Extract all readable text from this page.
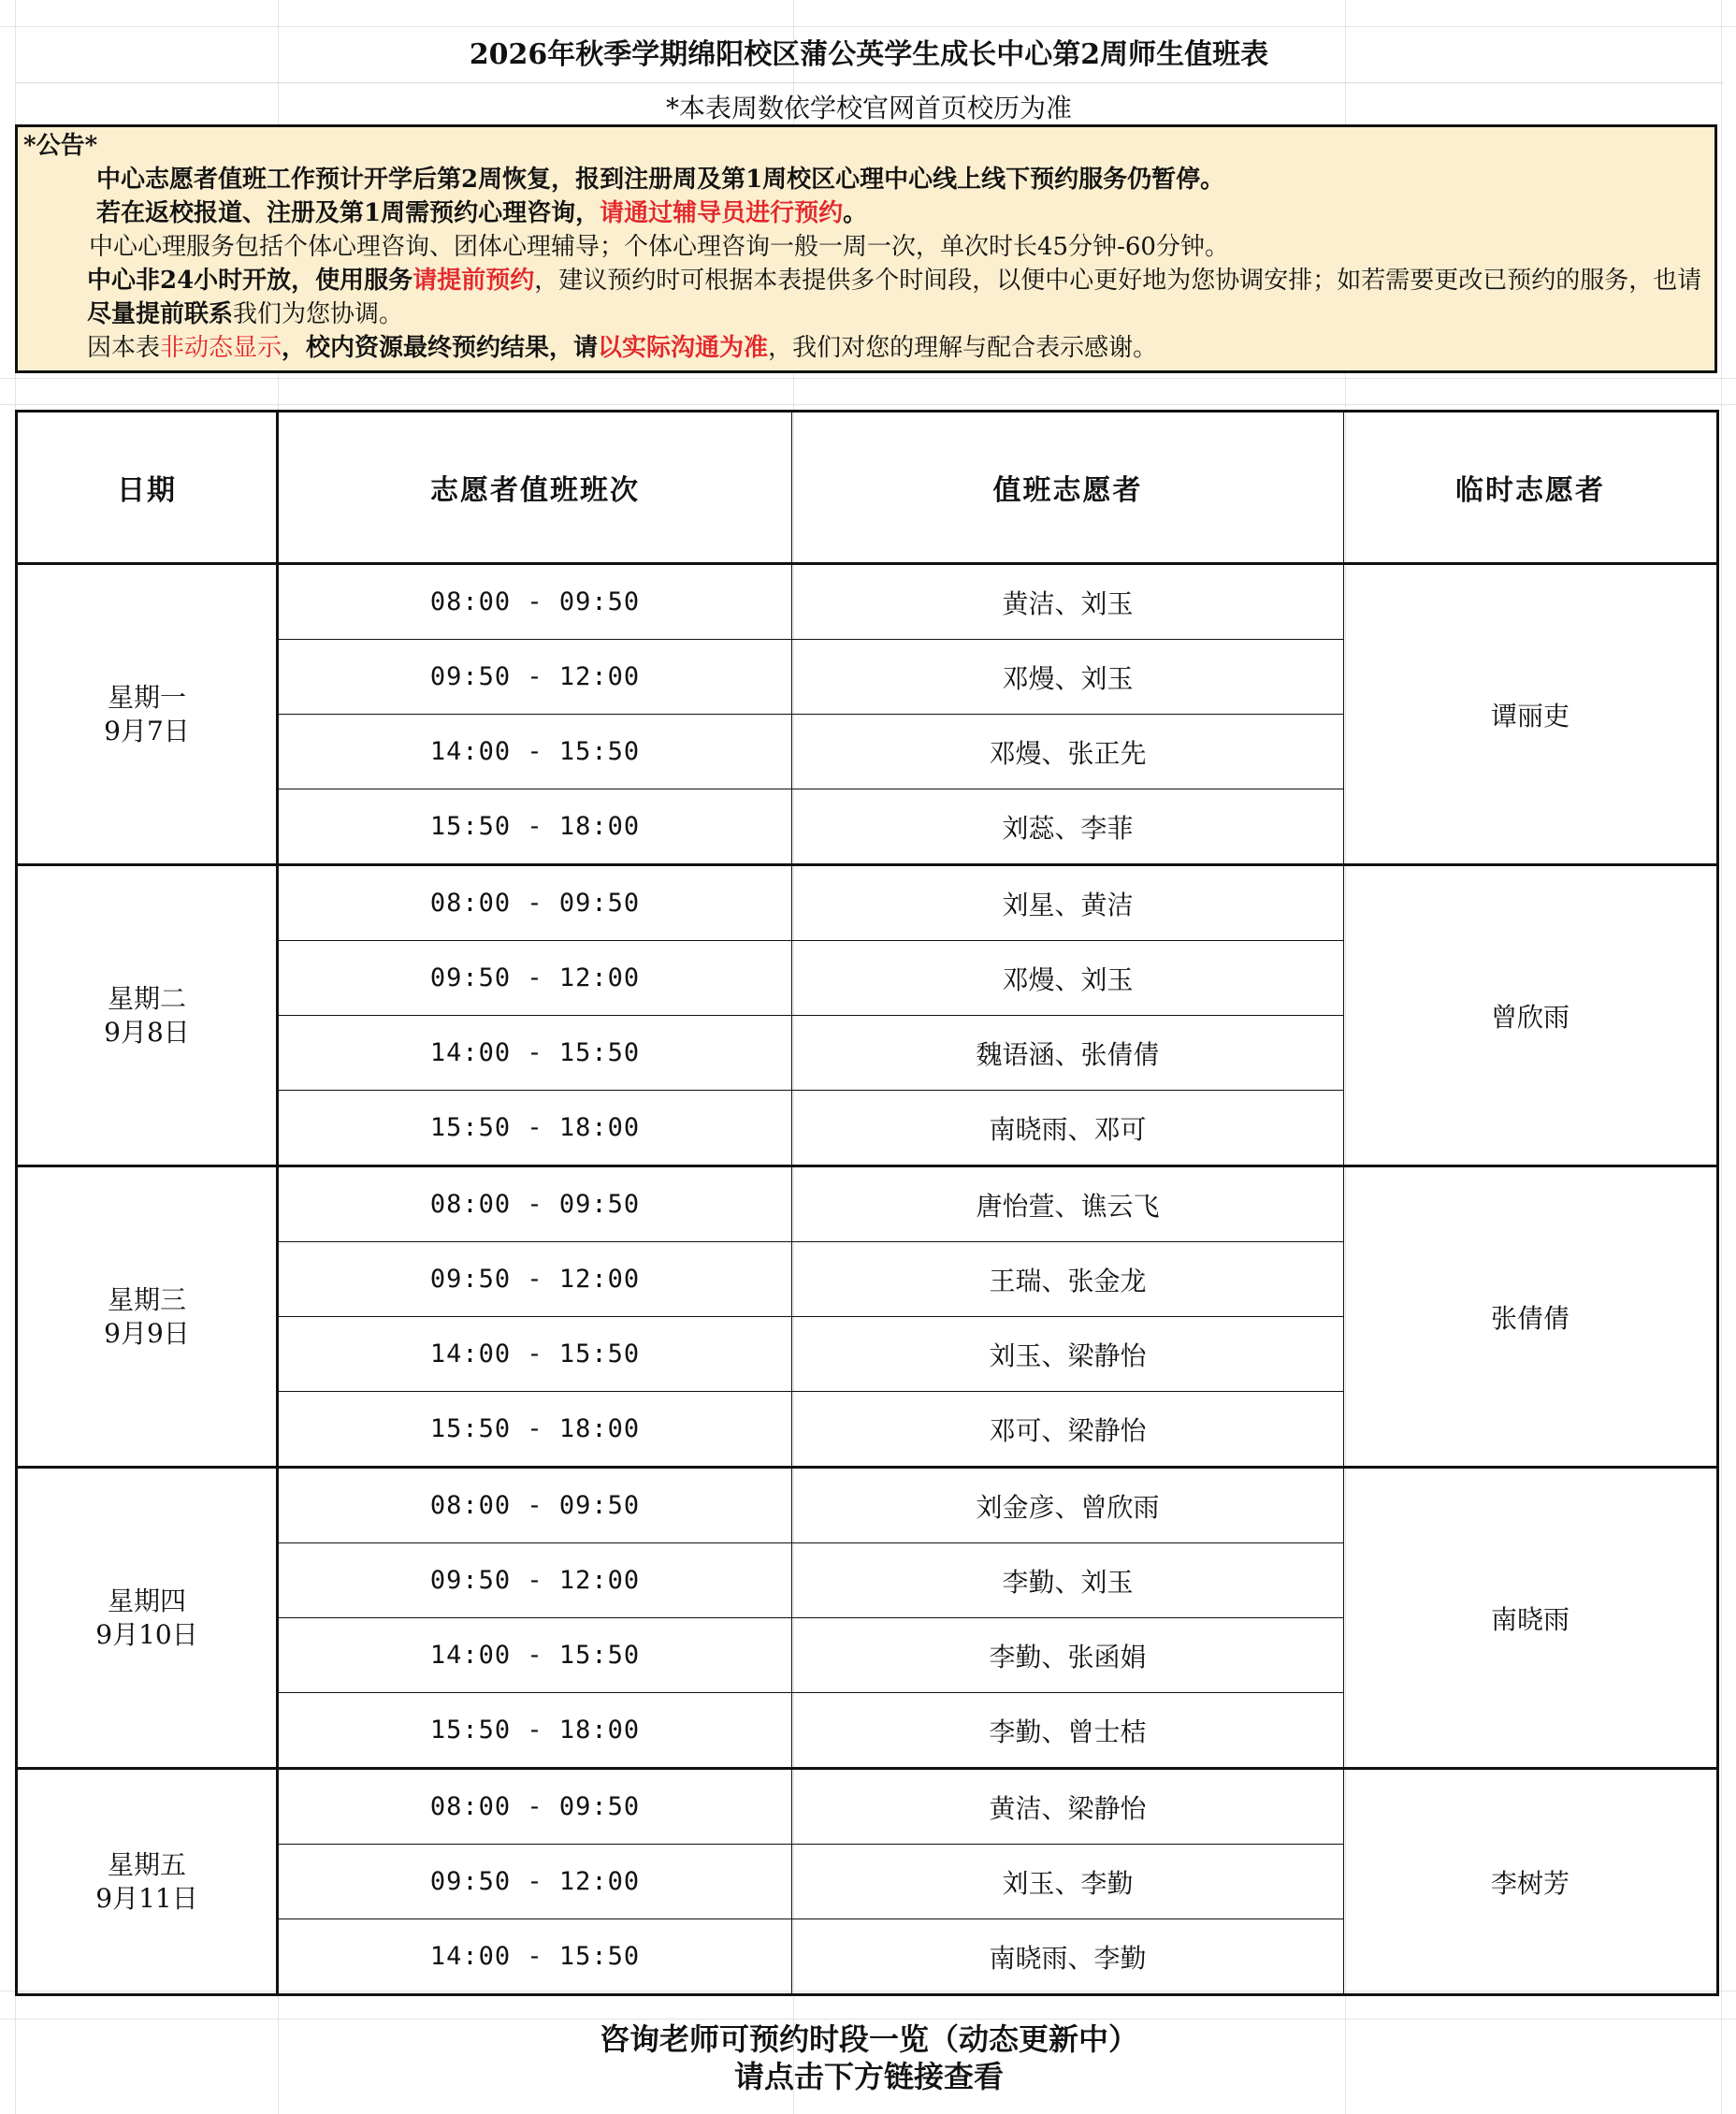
2026年秋季学期绵阳校区蒲公英学生成长中心第2周师生值班表
*本表周数依学校官网首页校历为准

*公告*

中心志愿者值班工作预计开学后第2周恢复，报到注册周及第1周校区心理中心线上线下预约服务仍暂停。

若在返校报道、注册及第1周需预约心理咨询，请通过辅导员进行预约。

中心心理服务包括个体心理咨询、团体心理辅导；个体心理咨询一般一周一次，单次时长45分钟-60分钟。

中心非24小时开放，使用服务请提前预约，建议预约时可根据本表提供多个时间段，以便中心更好地为您协调安排；如若需要更改已预约的服务，也请尽量提前联系我们为您协调。

因本表非动态显示，校内资源最终预约结果，请以实际沟通为准，我们对您的理解与配合表示感谢。

日期	志愿者值班班次	值班志愿者	临时志愿者

星期一
9月7日	08:00 - 09:50	黄洁、刘玉	谭丽吏
	09:50 - 12:00	邓熳、刘玉	
	14:00 - 15:50	邓熳、张正先	
	15:50 - 18:00	刘蕊、李菲	

星期二
9月8日	08:00 - 09:50	刘星、黄洁	曾欣雨
	09:50 - 12:00	邓熳、刘玉	
	14:00 - 15:50	魏语涵、张倩倩	
	15:50 - 18:00	南晓雨、邓可	

星期三
9月9日	08:00 - 09:50	唐怡萱、谯云飞	张倩倩
	09:50 - 12:00	王瑞、张金龙	
	14:00 - 15:50	刘玉、梁静怡	
	15:50 - 18:00	邓可、梁静怡	

星期四
9月10日	08:00 - 09:50	刘金彦、曾欣雨	南晓雨
	09:50 - 12:00	李勤、刘玉	
	14:00 - 15:50	李勤、张函娟	
	15:50 - 18:00	李勤、曾士桔	

星期五
9月11日	08:00 - 09:50	黄洁、梁静怡	李树芳
	09:50 - 12:00	刘玉、李勤	
	14:00 - 15:50	南晓雨、李勤	
咨询老师可预约时段一览（动态更新中）
请点击下方链接查看
